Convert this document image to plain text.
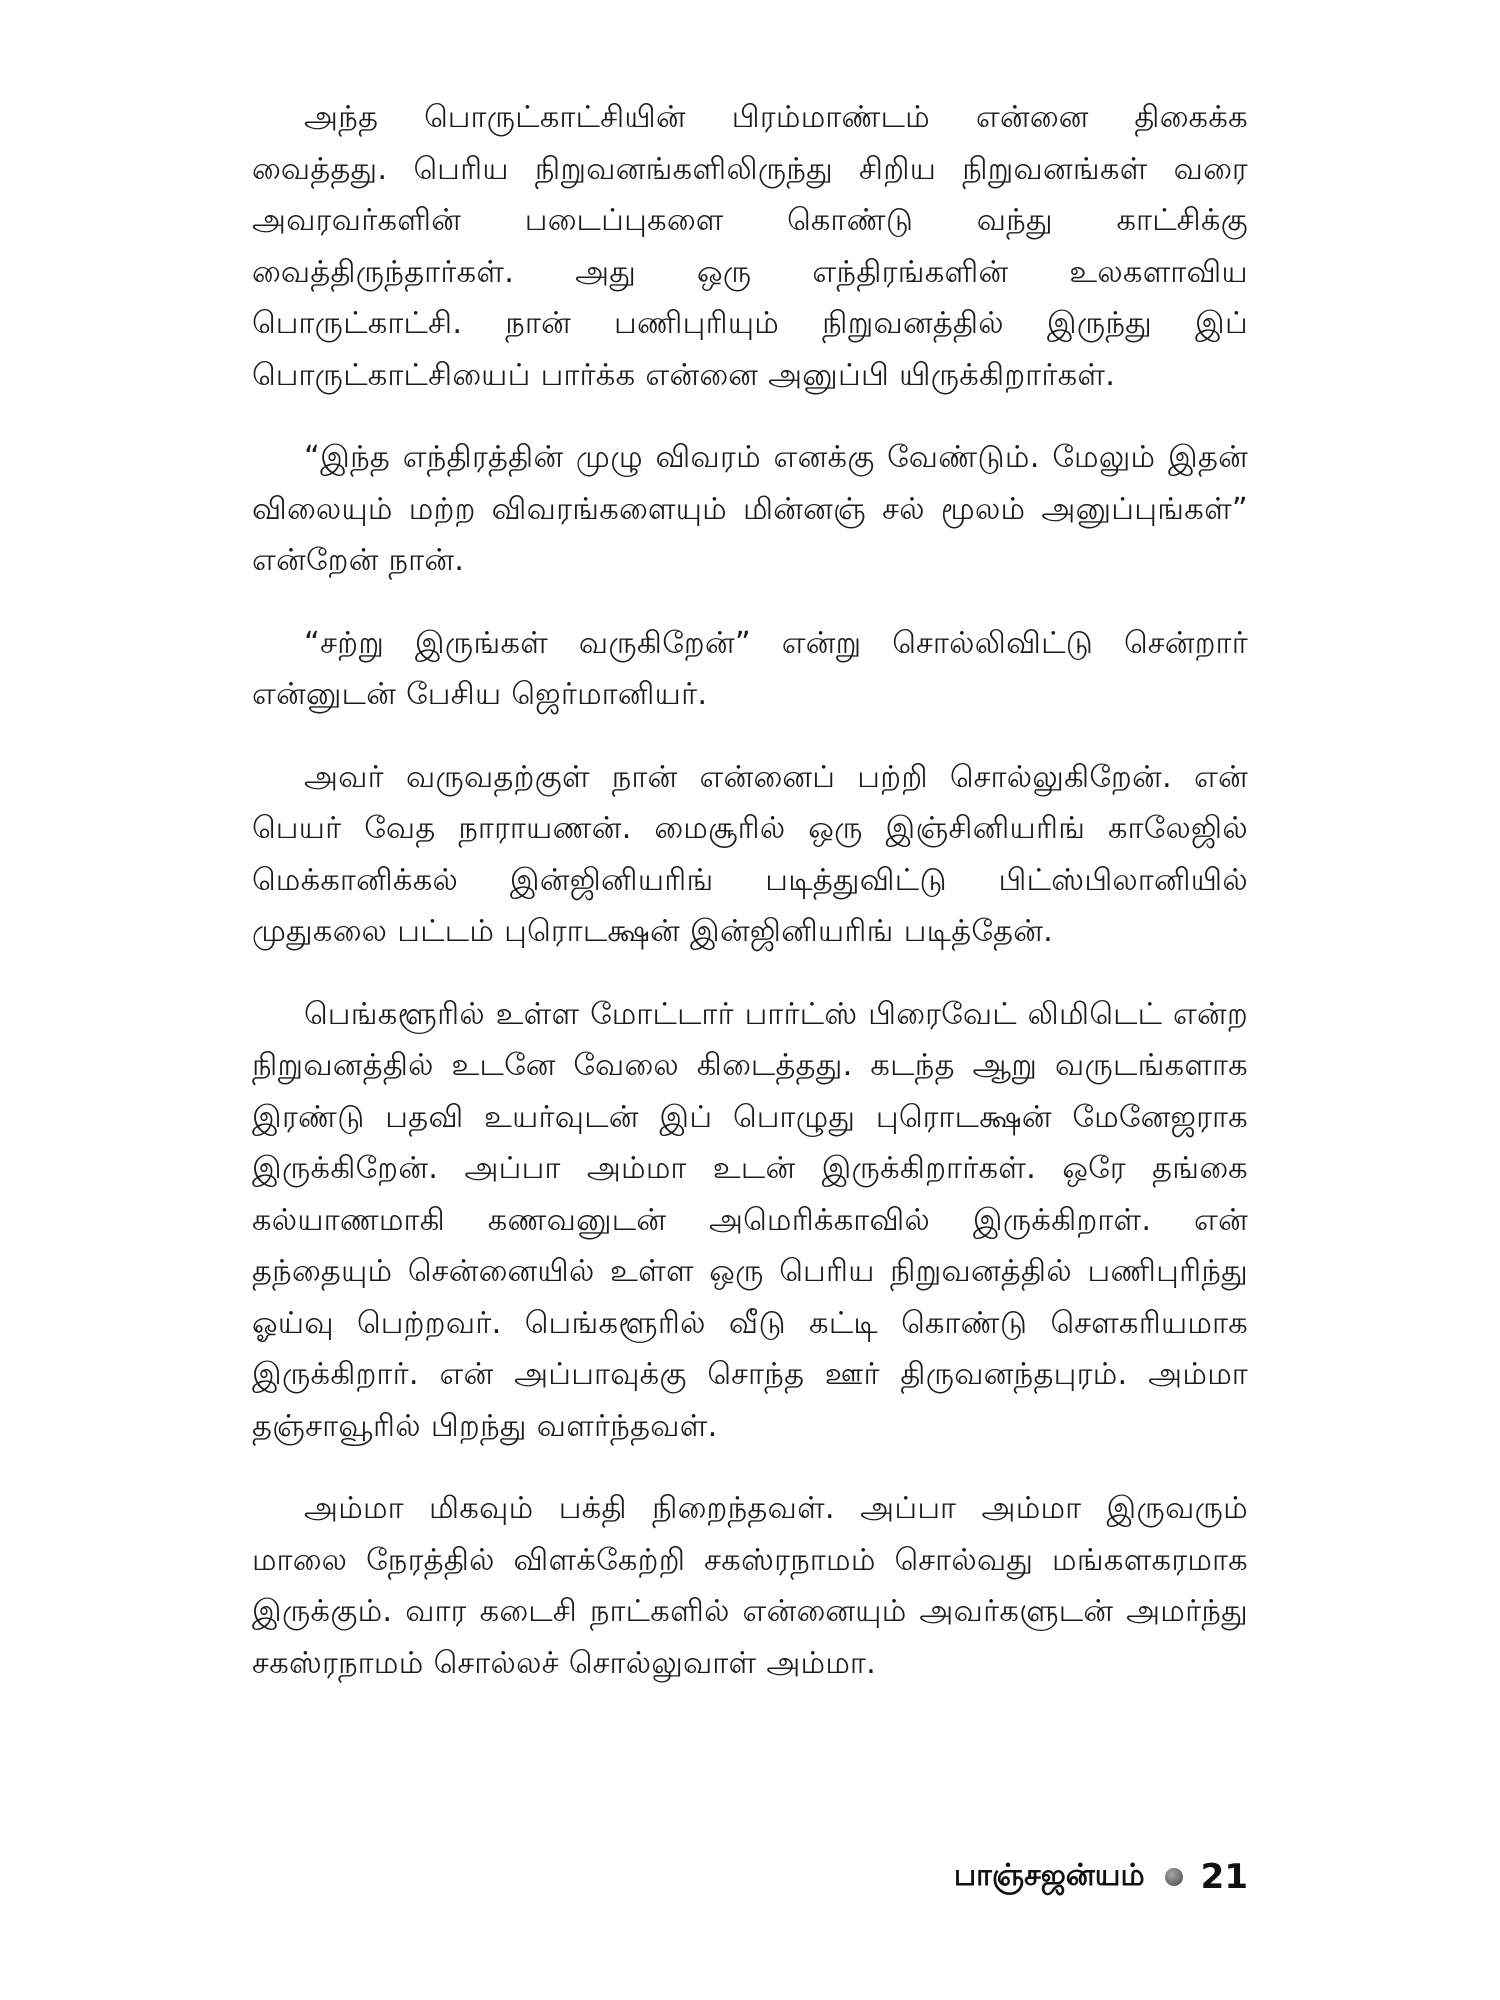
அந்த பொருட்காட்சியின் பிரம்மாண்டம் என்னை திகைக்க வைத்தது. பெரிய நிறுவனங்களிலிருந்து சிறிய நிறுவனங்கள் வரை அவரவர்களின் படைப்புகளை கொண்டு வந்து காட்சிக்கு வைத்திருந்தார்கள். அது ஒரு எந்திரங்களின் உலகளாவிய பொருட்காட்சி. நான் பணிபுரியும் நிறுவனத்தில் இருந்து இப் பொருட்காட்சியைப் பார்க்க என்னை அனுப்பி யிருக்கிறார்கள்.

“இந்த எந்திரத்தின் முழு விவரம் எனக்கு வேண்டும். மேலும் இதன் விலையும் மற்ற விவரங்களையும் மின்னஞ் சல் மூலம் அனுப்புங்கள்” என்றேன் நான்.

“சற்று இருங்கள் வருகிறேன்” என்று சொல்லிவிட்டு சென்றார் என்னுடன் பேசிய ஜெர்மானியர்.

அவர் வருவதற்குள் நான் என்னைப் பற்றி சொல்லுகிறேன். என் பெயர் வேத நாராயணன். மைசூரில் ஒரு இஞ்சினியரிங் காலேஜில் மெக்கானிக்கல் இன்ஜினியரிங் படித்துவிட்டு பிட்ஸ்பிலானியில் முதுகலை பட்டம் புரொடக்ஷன் இன்ஜினியரிங் படித்தேன்.

பெங்களூரில் உள்ள மோட்டார் பார்ட்ஸ் பிரைவேட் லிமிடெட் என்ற நிறுவனத்தில் உடனே வேலை கிடைத்தது. கடந்த ஆறு வருடங்களாக இரண்டு பதவி உயர்வுடன் இப் பொழுது புரொடக்ஷன் மேனேஜராக இருக்கிறேன். அப்பா அம்மா உடன் இருக்கிறார்கள். ஒரே தங்கை கல்யாணமாகி கணவனுடன் அமெரிக்காவில் இருக்கிறாள். என் தந்தையும் சென்னையில் உள்ள ஒரு பெரிய நிறுவனத்தில் பணிபுரிந்து ஓய்வு பெற்றவர். பெங்களூரில் வீடு கட்டி கொண்டு சௌகரியமாக இருக்கிறார். என் அப்பாவுக்கு சொந்த ஊர் திருவனந்தபுரம். அம்மா தஞ்சாவூரில் பிறந்து வளர்ந்தவள்.

அம்மா மிகவும் பக்தி நிறைந்தவள். அப்பா அம்மா இருவரும் மாலை நேரத்தில் விளக்கேற்றி சகஸ்ரநாமம் சொல்வது மங்களகரமாக இருக்கும். வார கடைசி நாட்களில் என்னையும் அவர்களுடன் அமர்ந்து சகஸ்ரநாமம் சொல்லச் சொல்லுவாள் அம்மா.

பாஞ்சஜன்யம் 21
